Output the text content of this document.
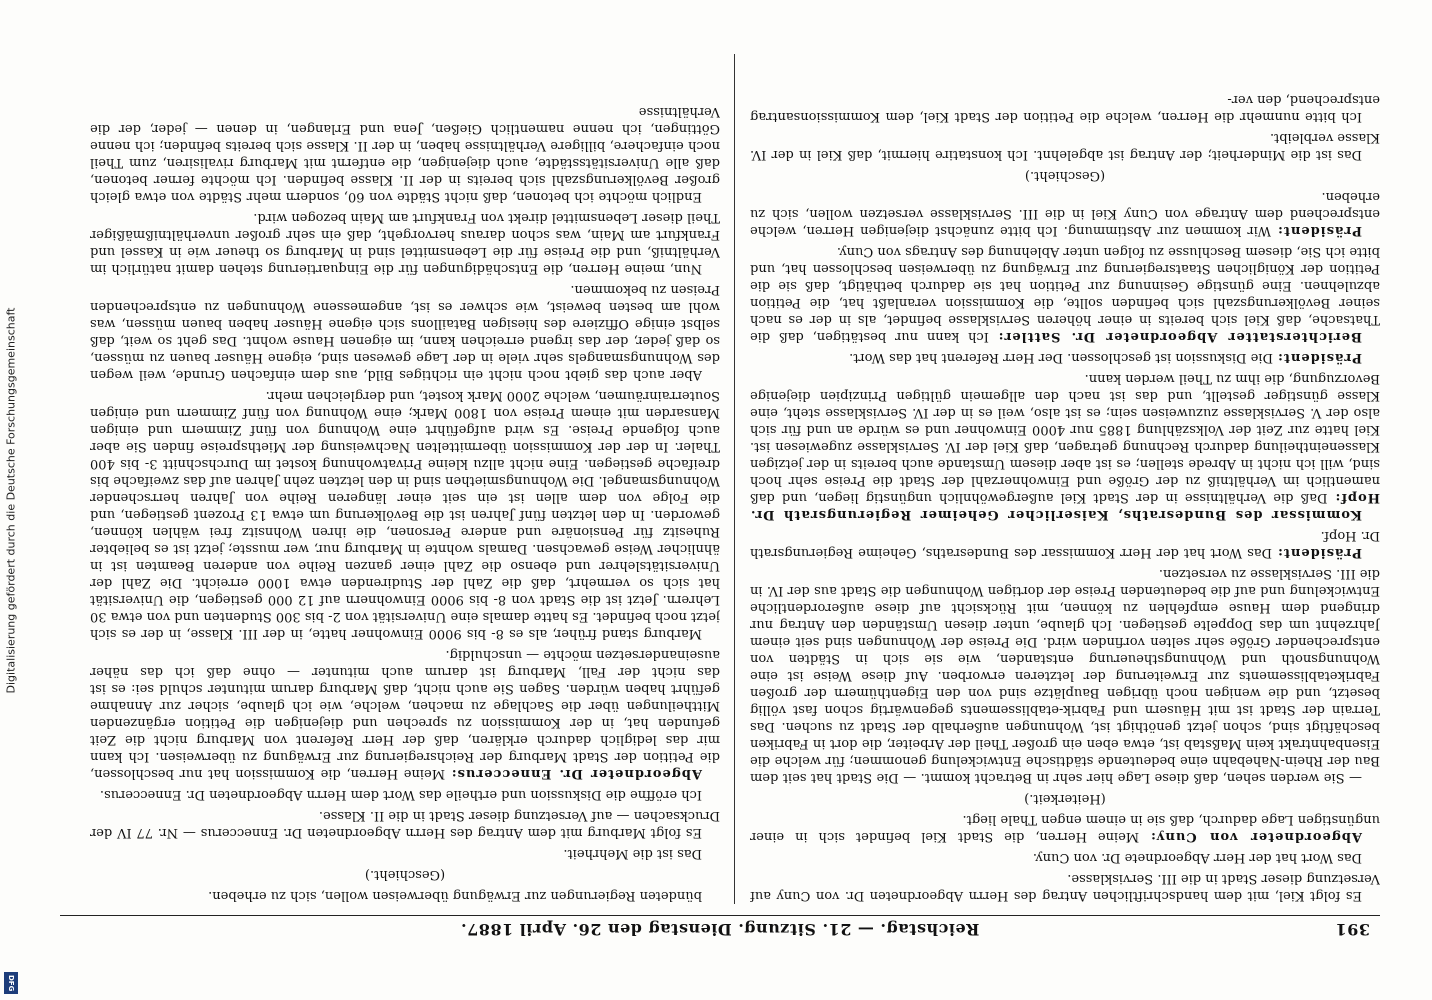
391
Reichstag. — 21. Sitzung. Dienstag den 26. April 1887.

Es folgt Kiel, mit dem handschriftlichen Antrag des Herrn Abgeordneten Dr. von Cuny auf Versetzung dieser Stadt in die III. Servisklasse.

Das Wort hat der Herr Abgeordnete Dr. von Cuny.

Abgeordneter von Cuny: Meine Herren, die Stadt Kiel befindet sich in einer ungünstigen Lage dadurch, daß sie in einem engen Thale liegt.

(Heiterkeit.)

— Sie werden sehen, daß diese Lage hier sehr in Betracht kommt. — Die Stadt hat seit dem Bau der Rhein-Nahebahn eine bedeutende städtische Entwickelung genommen; für welche die Eisenbahntrakt kein Maßstab ist, etwa eben ein großer Theil der Arbeiter, die dort in Fabriken beschäftigt sind, schon jetzt genöthigt ist, Wohnungen außerhalb der Stadt zu suchen. Das Terrain der Stadt ist mit Häusern und Fabrik-etablissements gegenwärtig schon fast völlig besetzt, und die wenigen noch übrigen Bauplätze sind von den Eigenthümern der großen Fabriketablissements zur Erweiterung der letzteren erworben. Auf diese Weise ist eine Wohnungsnoth und Wohnungstheuerung entstanden, wie sie sich in Städten von entsprechender Größe sehr selten vorfinden wird. Die Preise der Wohnungen sind seit einem Jahrzehnt um das Doppelte gestiegen. Ich glaube, unter diesen Umständen den Antrag nur dringend dem Hause empfehlen zu können, mit Rücksicht auf diese außerordentliche Entwickelung und auf die bedeutenden Preise der dortigen Wohnungen die Stadt aus der IV. in die III. Servisklasse zu versetzen.

Präsident: Das Wort hat der Herr Kommissar des Bundesraths, Geheime Regierungsrath Dr. Hopf.

Kommissar des Bundesraths, Kaiserlicher Geheimer Regierungsrath Dr. Hopf: Daß die Verhältnisse in der Stadt Kiel außergewöhnlich ungünstig liegen, und daß namentlich im Verhältniß zu der Größe und Einwohnerzahl der Stadt die Preise sehr hoch sind, will ich nicht in Abrede stellen; es ist aber diesem Umstande auch bereits in der jetzigen Klasseneintheilung dadurch Rechnung getragen, daß Kiel der IV. Servisklasse zugewiesen ist. Kiel hatte zur Zeit der Volkszählung 1885 nur 4000 Einwohner und es würde an und für sich also der V. Servisklasse zuzuweisen sein; es ist also, weil es in der IV. Servisklasse steht, eine Klasse günstiger gestellt, und das ist nach den allgemein gültigen Prinzipien diejenige Bevorzugung, die ihm zu Theil werden kann.

Präsident: Die Diskussion ist geschlossen. Der Herr Referent hat das Wort.

Berichterstatter Abgeordneter Dr. Sattler: Ich kann nur bestätigen, daß die Thatsache, daß Kiel sich bereits in einer höheren Servisklasse befindet, als in der es nach seiner Bevölkerungszahl sich befinden sollte, die Kommission veranlaßt hat, die Petition abzulehnen. Eine günstige Gesinnung zur Petition hat sie dadurch bethätigt, daß sie die Petition der Königlichen Staatsregierung zur Erwägung zu überweisen beschlossen hat, und bitte ich Sie, diesem Beschlusse zu folgen unter Ablehnung des Antrags von Cuny.

Präsident: Wir kommen zur Abstimmung. Ich bitte zunächst diejenigen Herren, welche entsprechend dem Antrage von Cuny Kiel in die III. Servisklasse versetzen wollen, sich zu erheben.

(Geschieht.)

Das ist die Minderheit; der Antrag ist abgelehnt. Ich konstatire hiermit, daß Kiel in der IV. Klasse verbleibt.

Ich bitte nunmehr die Herren, welche die Petition der Stadt Kiel, dem Kommissionsantrag entsprechend, den ver-

bündeten Regierungen zur Erwägung überweisen wollen, sich zu erheben.

(Geschieht.)

Das ist die Mehrheit.

Es folgt Marburg mit dem Antrag des Herrn Abgeordneten Dr. Enneccerus — Nr. 77 IV der Drucksachen — auf Versetzung dieser Stadt in die II. Klasse.

Ich eröffne die Diskussion und ertheile das Wort dem Herrn Abgeordneten Dr. Enneccerus.

Abgeordneter Dr. Enneccerus: Meine Herren, die Kommission hat nur beschlossen, die Petition der Stadt Marburg der Reichsregierung zur Erwägung zu überweisen. Ich kann mir das lediglich dadurch erklären, daß der Herr Referent von Marburg nicht die Zeit gefunden hat, in der Kommission zu sprechen und diejenigen die Petition ergänzenden Mittheilungen über die Sachlage zu machen, welche, wie ich glaube, sicher zur Annahme geführt haben würden. Sagen Sie auch nicht, daß Marburg darum mitunter schuld sei: es ist das nicht der Fall, Marburg ist darum auch mitunter — ohne daß ich das näher auseinandersetzen möchte — unschuldig.

Marburg stand früher, als es 8- bis 9000 Einwohner hatte, in der III. Klasse, in der es sich jetzt noch befindet. Es hatte damals eine Universität von 2- bis 300 Studenten und von etwa 30 Lehrern. Jetzt ist die Stadt von 8- bis 9000 Einwohnern auf 12 000 gestiegen, die Universität hat sich so vermehrt, daß die Zahl der Studirenden etwa 1000 erreicht. Die Zahl der Universitätslehrer und ebenso die Zahl einer ganzen Reihe von anderen Beamten ist in ähnlicher Weise gewachsen. Damals wohnte in Marburg nur, wer musste; jetzt ist es beliebter Ruhesitz für Pensionäre und andere Personen, die ihren Wohnsitz frei wählen können, geworden. In den letzten fünf Jahren ist die Bevölkerung um etwa 13 Prozent gestiegen, und die Folge von dem allen ist ein seit einer längeren Reihe von Jahren herrschender Wohnungsmangel. Die Wohnungsmiethen sind in den letzten zehn Jahren auf das zweifache bis dreifache gestiegen. Eine nicht allzu kleine Privatwohnung kostet im Durchschnitt 3- bis 400 Thaler. In der der Kommission übermittelten Nachweisung der Miethspreise finden Sie aber auch folgende Preise. Es wird aufgeführt eine Wohnung von fünf Zimmern und einigen Mansarden mit einem Preise von 1800 Mark; eine Wohnung von fünf Zimmern und einigen Souterrainräumen, welche 2000 Mark kostet, und dergleichen mehr.

Aber auch das giebt noch nicht ein richtiges Bild, aus dem einfachen Grunde, weil wegen des Wohnungsmangels sehr viele in der Lage gewesen sind, eigene Häuser bauen zu müssen, so daß jeder, der das irgend erreichen kann, im eigenen Hause wohnt. Das geht so weit, daß selbst einige Offiziere des hiesigen Bataillons sich eigene Häuser haben bauen müssen, was wohl am besten beweist, wie schwer es ist, angemessene Wohnungen zu entsprechenden Preisen zu bekommen.

Nun, meine Herren, die Entschädigungen für die Einquartierung stehen damit natürlich im Verhältniß, und die Preise für die Lebensmittel sind in Marburg so theuer wie in Kassel und Frankfurt am Main, was schon daraus hervorgeht, daß ein sehr großer unverhältnißmäßiger Theil dieser Lebensmittel direkt von Frankfurt am Main bezogen wird.

Endlich möchte ich betonen, daß nicht Städte von 60, sondern mehr Städte von etwa gleich großer Bevölkerungszahl sich bereits in der II. Klasse befinden. Ich möchte ferner betonen, daß alle Universitätsstädte, auch diejenigen, die entfernt mit Marburg rivalisiren, zum Theil noch einfachere, billigere Verhältnisse haben, in der II. Klasse sich bereits befinden; ich nenne Göttingen, ich nenne namentlich Gießen, Jena und Erlangen, in denen — jeder, der die Verhältnisse

Digitalisierung gefördert durch die Deutsche Forschungsgemeinschaft
DFG
